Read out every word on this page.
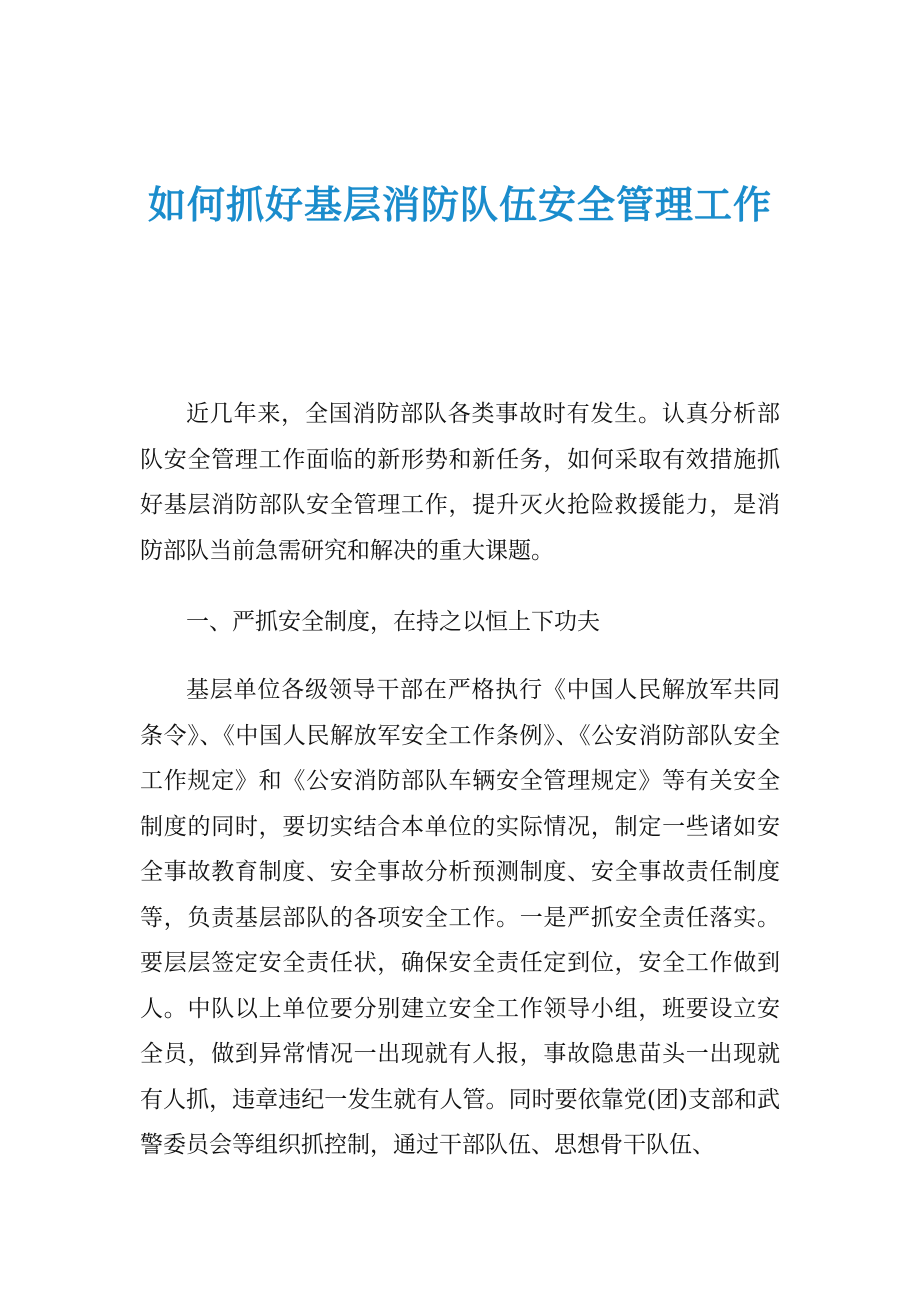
如何抓好基层消防队伍安全管理工作

近几年来，全国消防部队各类事故时有发生。认真分析部队安全管理工作面临的新形势和新任务，如何采取有效措施抓好基层消防部队安全管理工作，提升灭火抢险救援能力，是消防部队当前急需研究和解决的重大课题。

一、严抓安全制度，在持之以恒上下功夫

基层单位各级领导干部在严格执行《中国人民解放军共同条令》、《中国人民解放军安全工作条例》、《公安消防部队安全工作规定》和《公安消防部队车辆安全管理规定》等有关安全制度的同时，要切实结合本单位的实际情况，制定一些诸如安全事故教育制度、安全事故分析预测制度、安全事故责任制度等，负责基层部队的各项安全工作。一是严抓安全责任落实。要层层签定安全责任状，确保安全责任定到位，安全工作做到人。中队以上单位要分别建立安全工作领导小组，班要设立安全员，做到异常情况一出现就有人报，事故隐患苗头一出现就有人抓，违章违纪一发生就有人管。同时要依靠党(团)支部和武警委员会等组织抓控制，通过干部队伍、思想骨干队伍、
